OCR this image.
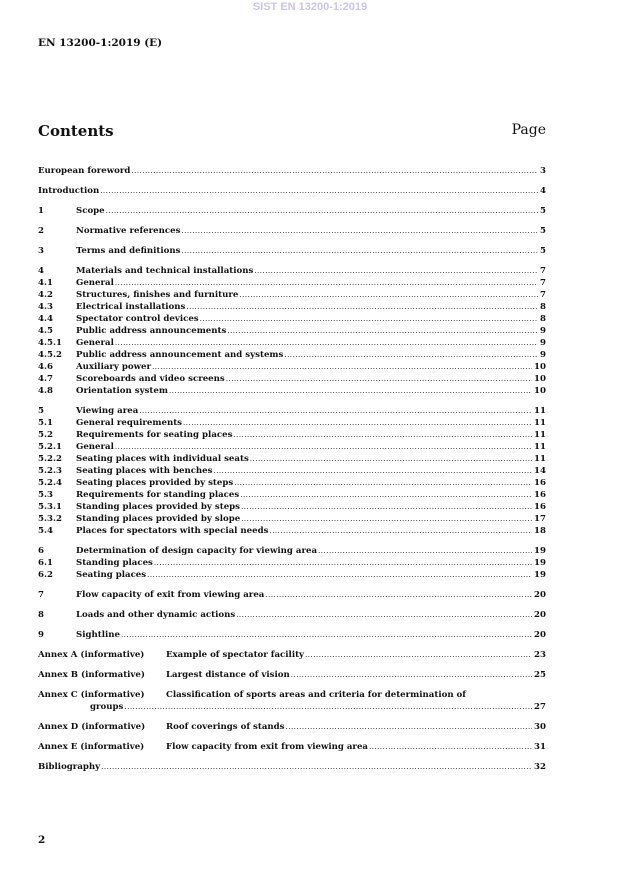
SIST EN 13200-1:2019
EN 13200-1:2019 (E)
Contents	Page
European foreword .....	3
Introduction .....	4
1	Scope .....	5
2	Normative references .....	5
3	Terms and definitions .....	5
4	Materials and technical installations .....	7
4.1	General .....	7
4.2	Structures, finishes and furniture .....	7
4.3	Electrical installations .....	8
4.4	Spectator control devices .....	8
4.5	Public address announcements .....	9
4.5.1	General .....	9
4.5.2	Public address announcement and systems .....	9
4.6	Auxiliary power .....	10
4.7	Scoreboards and video screens .....	10
4.8	Orientation system .....	10
5	Viewing area .....	11
5.1	General requirements .....	11
5.2	Requirements for seating places .....	11
5.2.1	General .....	11
5.2.2	Seating places with individual seats .....	11
5.2.3	Seating places with benches .....	14
5.2.4	Seating places provided by steps .....	16
5.3	Requirements for standing places .....	16
5.3.1	Standing places provided by steps .....	16
5.3.2	Standing places provided by slope .....	17
5.4	Places for spectators with special needs .....	18
6	Determination of design capacity for viewing area .....	19
6.1	Standing places .....	19
6.2	Seating places .....	19
7	Flow capacity of exit from viewing area .....	20
8	Loads and other dynamic actions .....	20
9	Sightline .....	20
Annex A (informative)	Example of spectator facility .....	23
Annex B (informative)	Largest distance of vision .....	25
Annex C (informative)	Classification of sports areas and criteria for determination of
groups .....	27
Annex D (informative)	Roof coverings of stands .....	30
Annex E (informative)	Flow capacity from exit from viewing area .....	31
Bibliography .....	32
2
